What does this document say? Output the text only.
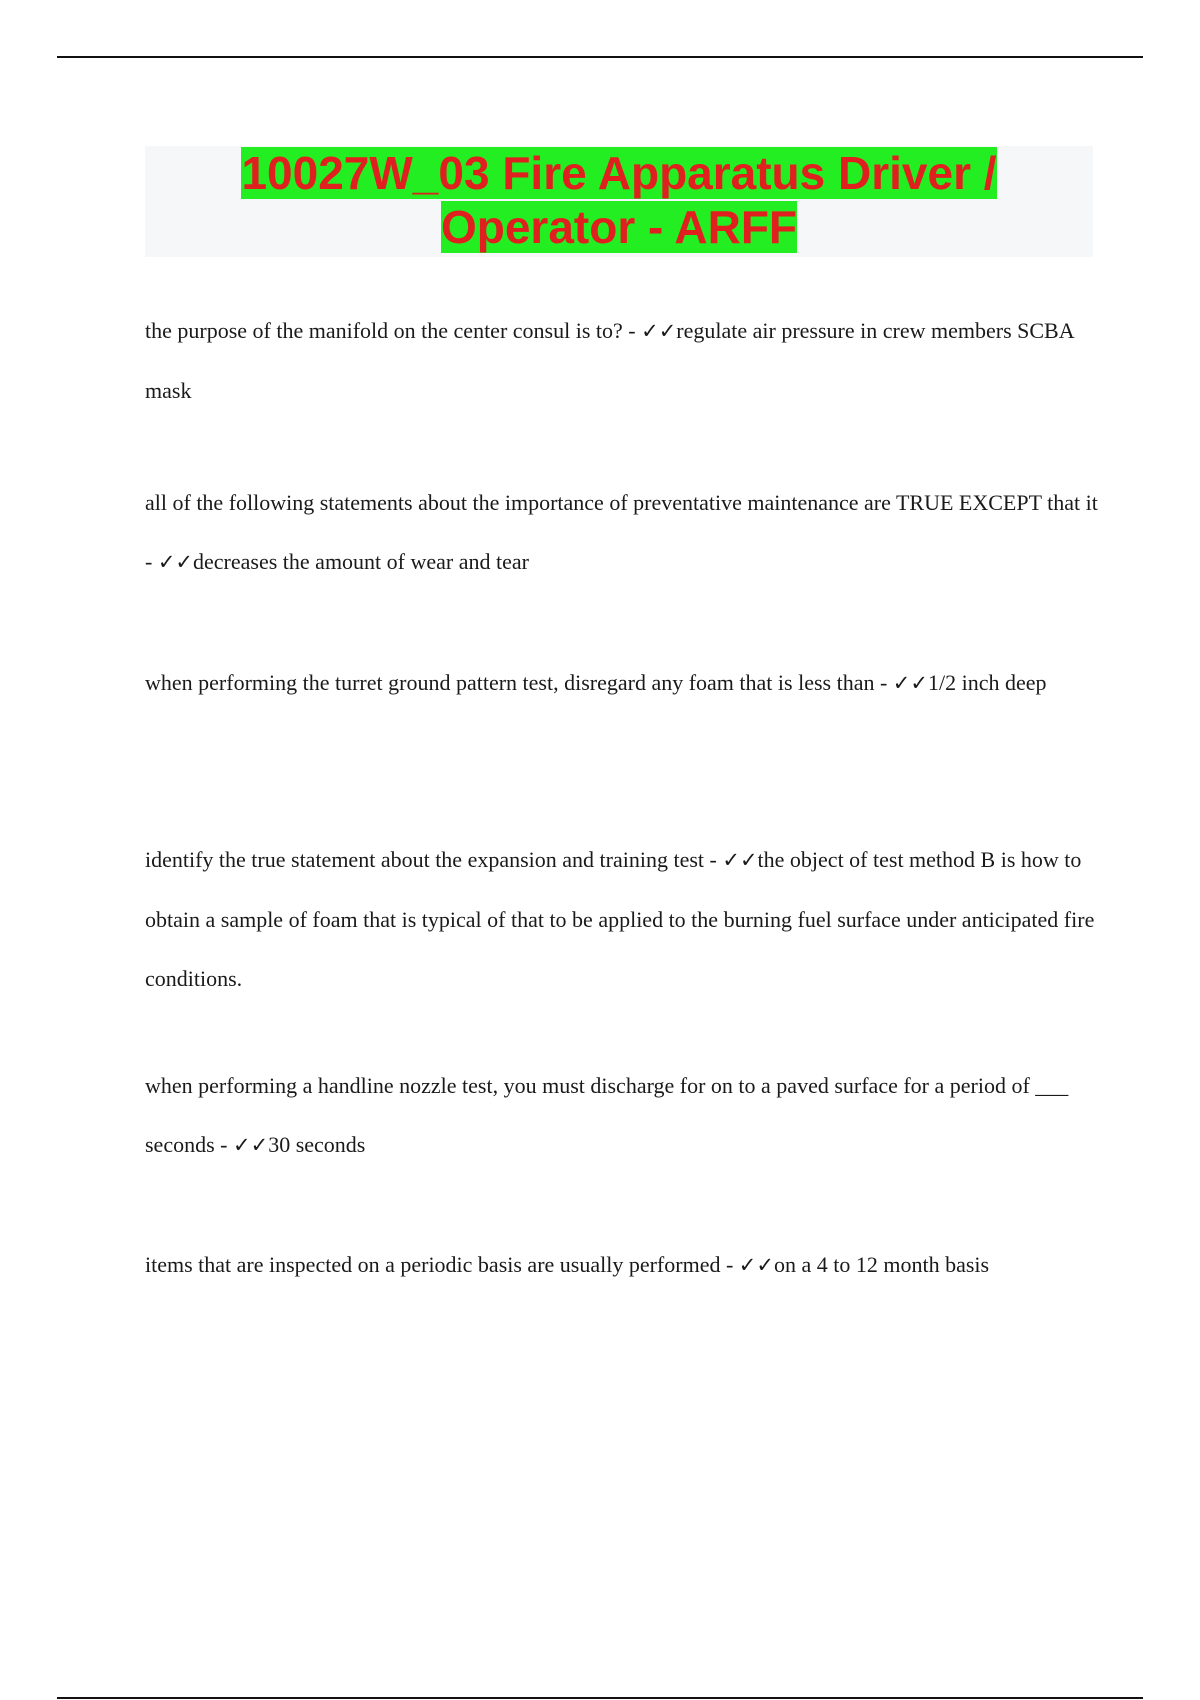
10027W_03 Fire Apparatus Driver /
Operator - ARFF

the purpose of the manifold on the center consul is to? - ✓✓regulate air pressure in crew members SCBA mask

all of the following statements about the importance of preventative maintenance are TRUE EXCEPT that it - ✓✓decreases the amount of wear and tear

when performing the turret ground pattern test, disregard any foam that is less than - ✓✓1/2 inch deep

identify the true statement about the expansion and training test - ✓✓the object of test method B is how to obtain a sample of foam that is typical of that to be applied to the burning fuel surface under anticipated fire conditions.

when performing a handline nozzle test, you must discharge for on to a paved surface for a period of ___ seconds - ✓✓30 seconds

items that are inspected on a periodic basis are usually performed - ✓✓on a 4 to 12 month basis
